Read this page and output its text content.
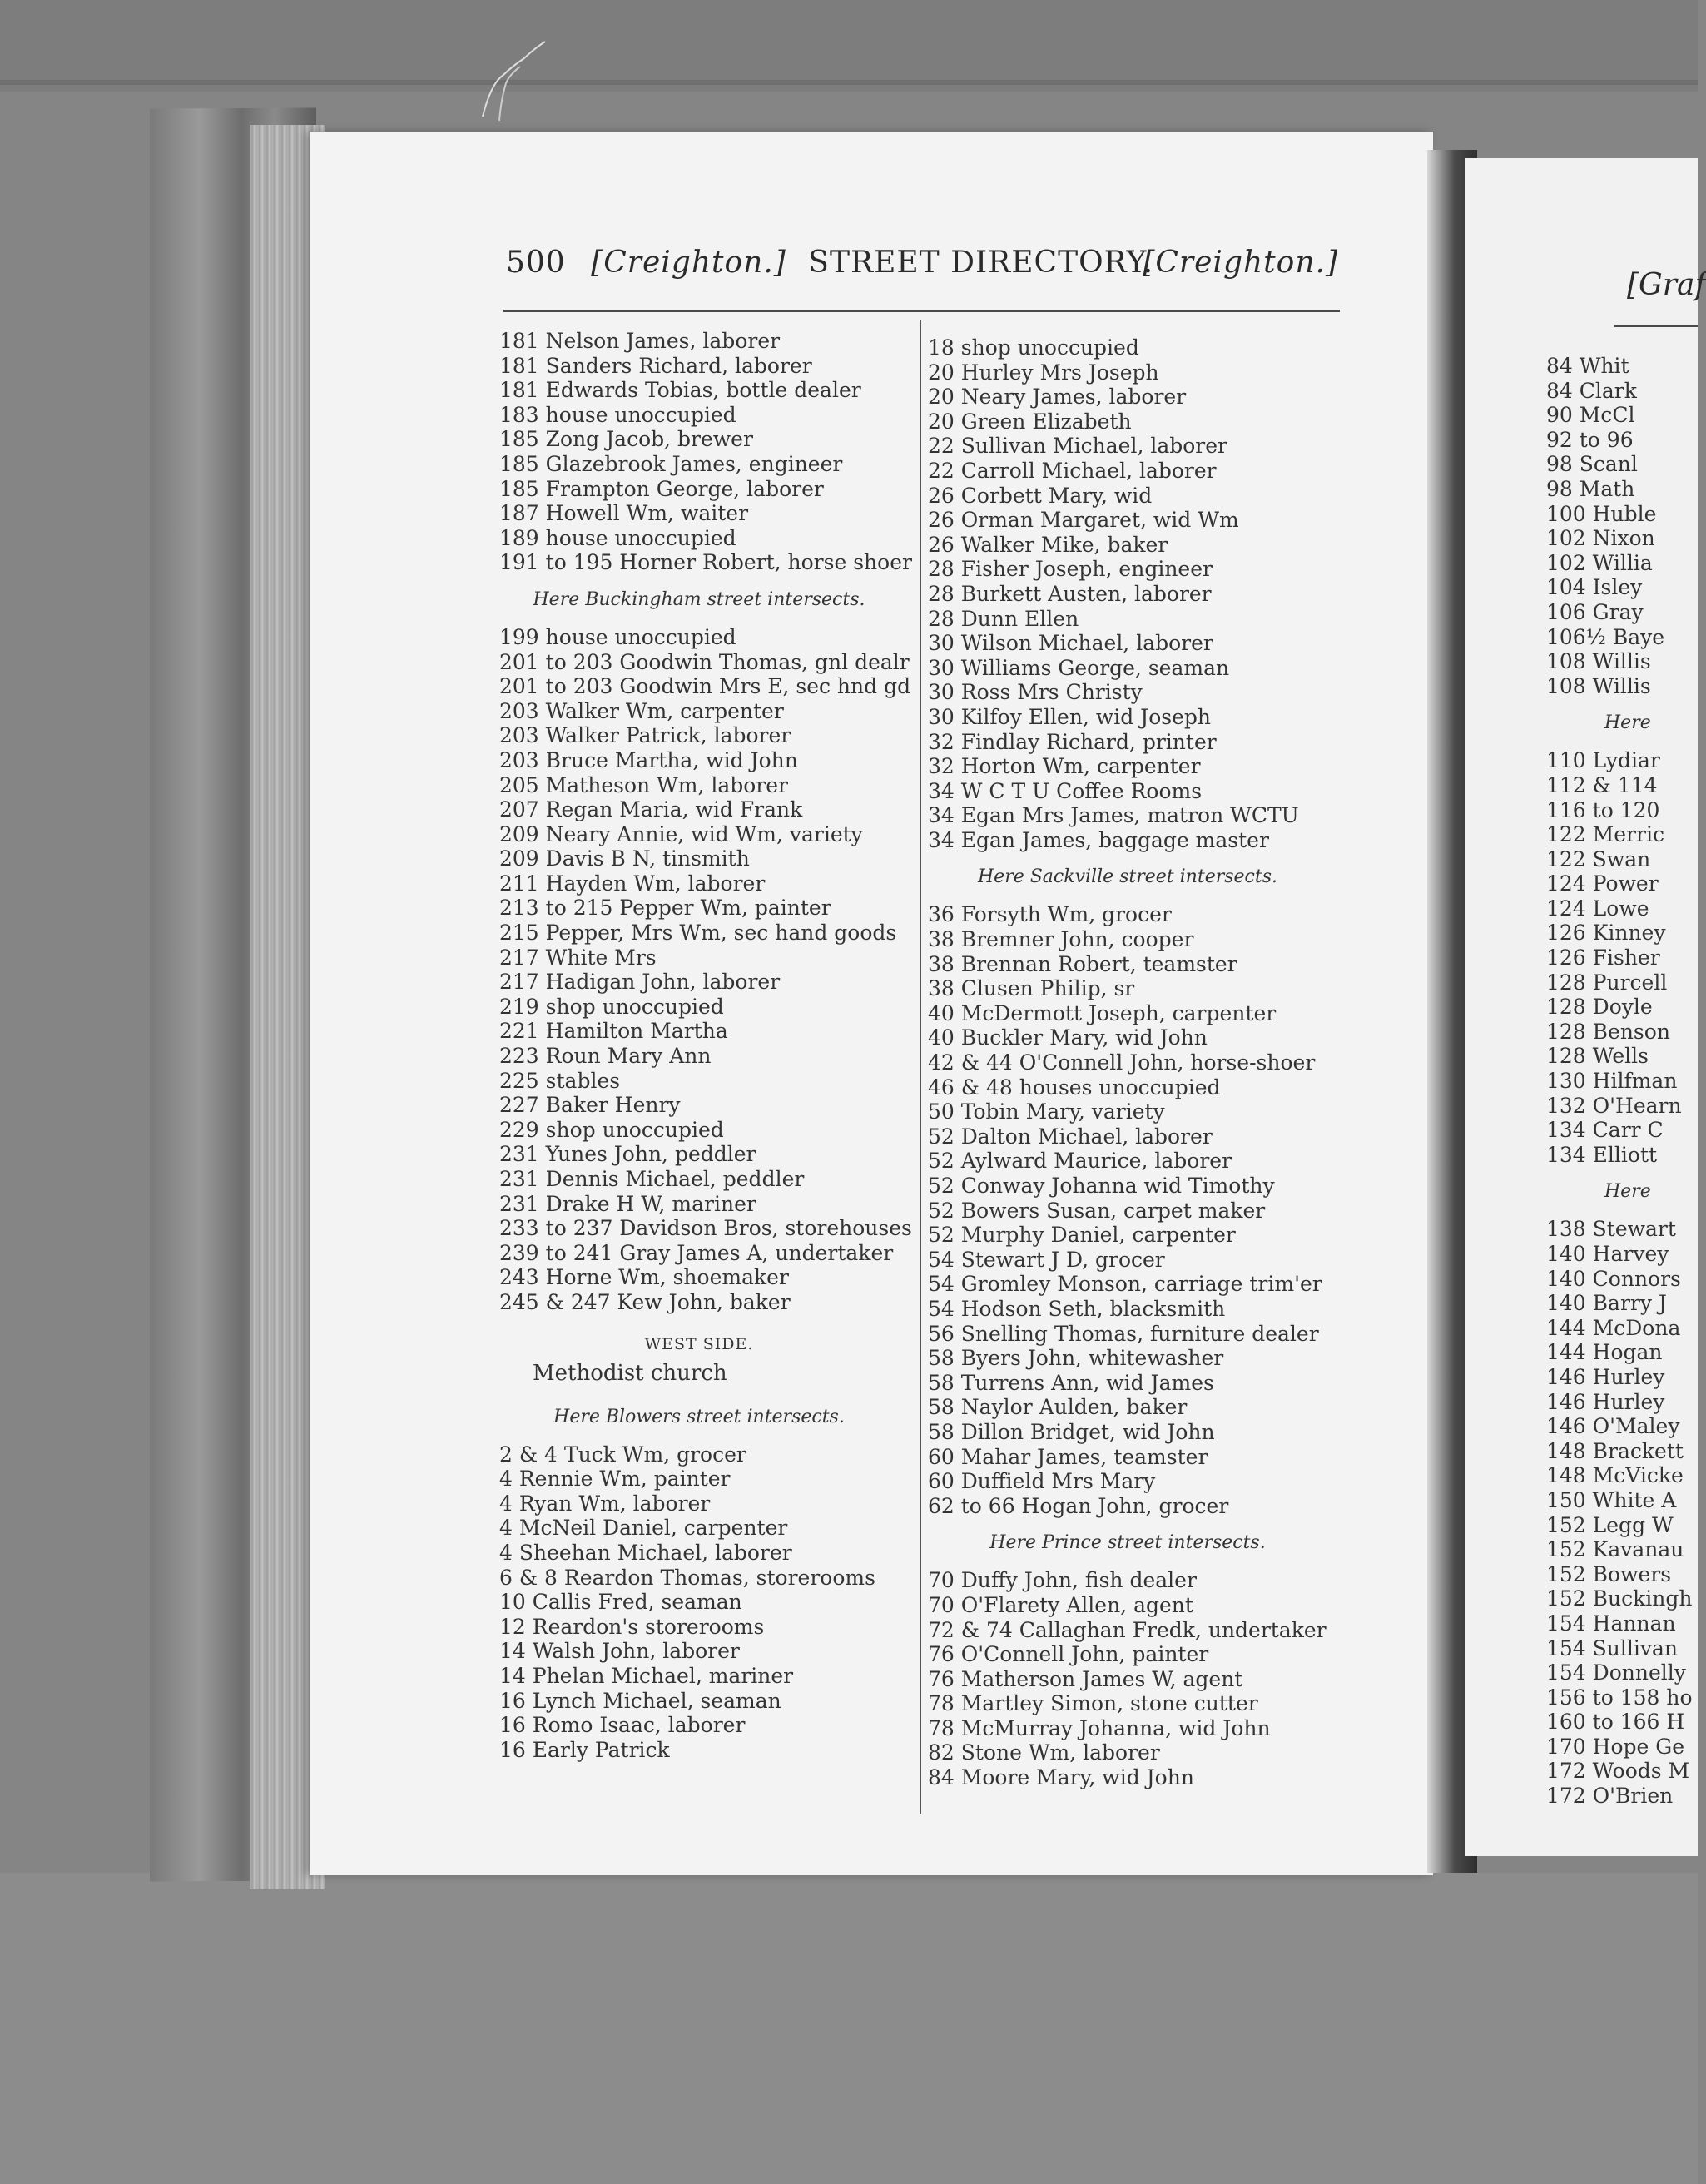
500 [Creighton.] STREET DIRECTORY.
[Creighton.]
181 Nelson James, laborer
181 Sanders Richard, laborer
181 Edwards Tobias, bottle dealer
183 house unoccupied
185 Zong Jacob, brewer
185 Glazebrook James, engineer
185 Frampton George, laborer
187 Howell Wm, waiter
189 house unoccupied
191 to 195 Horner Robert, horse shoer
Here Buckingham street intersects.
199 house unoccupied
201 to 203 Goodwin Thomas, gnl dealr
201 to 203 Goodwin Mrs E, sec hnd gd
203 Walker Wm, carpenter
203 Walker Patrick, laborer
203 Bruce Martha, wid John
205 Matheson Wm, laborer
207 Regan Maria, wid Frank
209 Neary Annie, wid Wm, variety
209 Davis B N, tinsmith
211 Hayden Wm, laborer
213 to 215 Pepper Wm, painter
215 Pepper, Mrs Wm, sec hand goods
217 White Mrs
217 Hadigan John, laborer
219 shop unoccupied
221 Hamilton Martha
223 Roun Mary Ann
225 stables
227 Baker Henry
229 shop unoccupied
231 Yunes John, peddler
231 Dennis Michael, peddler
231 Drake H W, mariner
233 to 237 Davidson Bros, storehouses
239 to 241 Gray James A, undertaker
243 Horne Wm, shoemaker
245 & 247 Kew John, baker
WEST SIDE.
Methodist church
Here Blowers street intersects.
2 & 4 Tuck Wm, grocer
4 Rennie Wm, painter
4 Ryan Wm, laborer
4 McNeil Daniel, carpenter
4 Sheehan Michael, laborer
6 & 8 Reardon Thomas, storerooms
10 Callis Fred, seaman
12 Reardon's storerooms
14 Walsh John, laborer
14 Phelan Michael, mariner
16 Lynch Michael, seaman
16 Romo Isaac, laborer
16 Early Patrick
18 shop unoccupied
20 Hurley Mrs Joseph
20 Neary James, laborer
20 Green Elizabeth
22 Sullivan Michael, laborer
22 Carroll Michael, laborer
26 Corbett Mary, wid
26 Orman Margaret, wid Wm
26 Walker Mike, baker
28 Fisher Joseph, engineer
28 Burkett Austen, laborer
28 Dunn Ellen
30 Wilson Michael, laborer
30 Williams George, seaman
30 Ross Mrs Christy
30 Kilfoy Ellen, wid Joseph
32 Findlay Richard, printer
32 Horton Wm, carpenter
34 W C T U Coffee Rooms
34 Egan Mrs James, matron WCTU
34 Egan James, baggage master
Here Sackville street intersects.
36 Forsyth Wm, grocer
38 Bremner John, cooper
38 Brennan Robert, teamster
38 Clusen Philip, sr
40 McDermott Joseph, carpenter
40 Buckler Mary, wid John
42 & 44 O'Connell John, horse-shoer
46 & 48 houses unoccupied
50 Tobin Mary, variety
52 Dalton Michael, laborer
52 Aylward Maurice, laborer
52 Conway Johanna wid Timothy
52 Bowers Susan, carpet maker
52 Murphy Daniel, carpenter
54 Stewart J D, grocer
54 Gromley Monson, carriage trim'er
54 Hodson Seth, blacksmith
56 Snelling Thomas, furniture dealer
58 Byers John, whitewasher
58 Turrens Ann, wid James
58 Naylor Aulden, baker
58 Dillon Bridget, wid John
60 Mahar James, teamster
60 Duffield Mrs Mary
62 to 66 Hogan John, grocer
Here Prince street intersects.
70 Duffy John, fish dealer
70 O'Flarety Allen, agent
72 & 74 Callaghan Fredk, undertaker
76 O'Connell John, painter
76 Matherson James W, agent
78 Martley Simon, stone cutter
78 McMurray Johanna, wid John
82 Stone Wm, laborer
84 Moore Mary, wid John
[Graf
84 Whit
84 Clark
90 McCl
92 to 96
98 Scanl
98 Math
100 Huble
102 Nixon
102 Willia
104 Isley
106 Gray
106½ Baye
108 Willis
108 Willis
Here
110 Lydiar
112 & 114
116 to 120
122 Merric
122 Swan
124 Power
124 Lowe
126 Kinney
126 Fisher
128 Purcell
128 Doyle
128 Benson
128 Wells
130 Hilfman
132 O'Hearn
134 Carr C
134 Elliott
Here
138 Stewart
140 Harvey
140 Connors
140 Barry J
144 McDona
144 Hogan
146 Hurley
146 Hurley
146 O'Maley
148 Brackett
148 McVicke
150 White A
152 Legg W
152 Kavanau
152 Bowers
152 Buckingh
154 Hannan
154 Sullivan
154 Donnelly
156 to 158 ho
160 to 166 H
170 Hope Ge
172 Woods M
172 O'Brien
